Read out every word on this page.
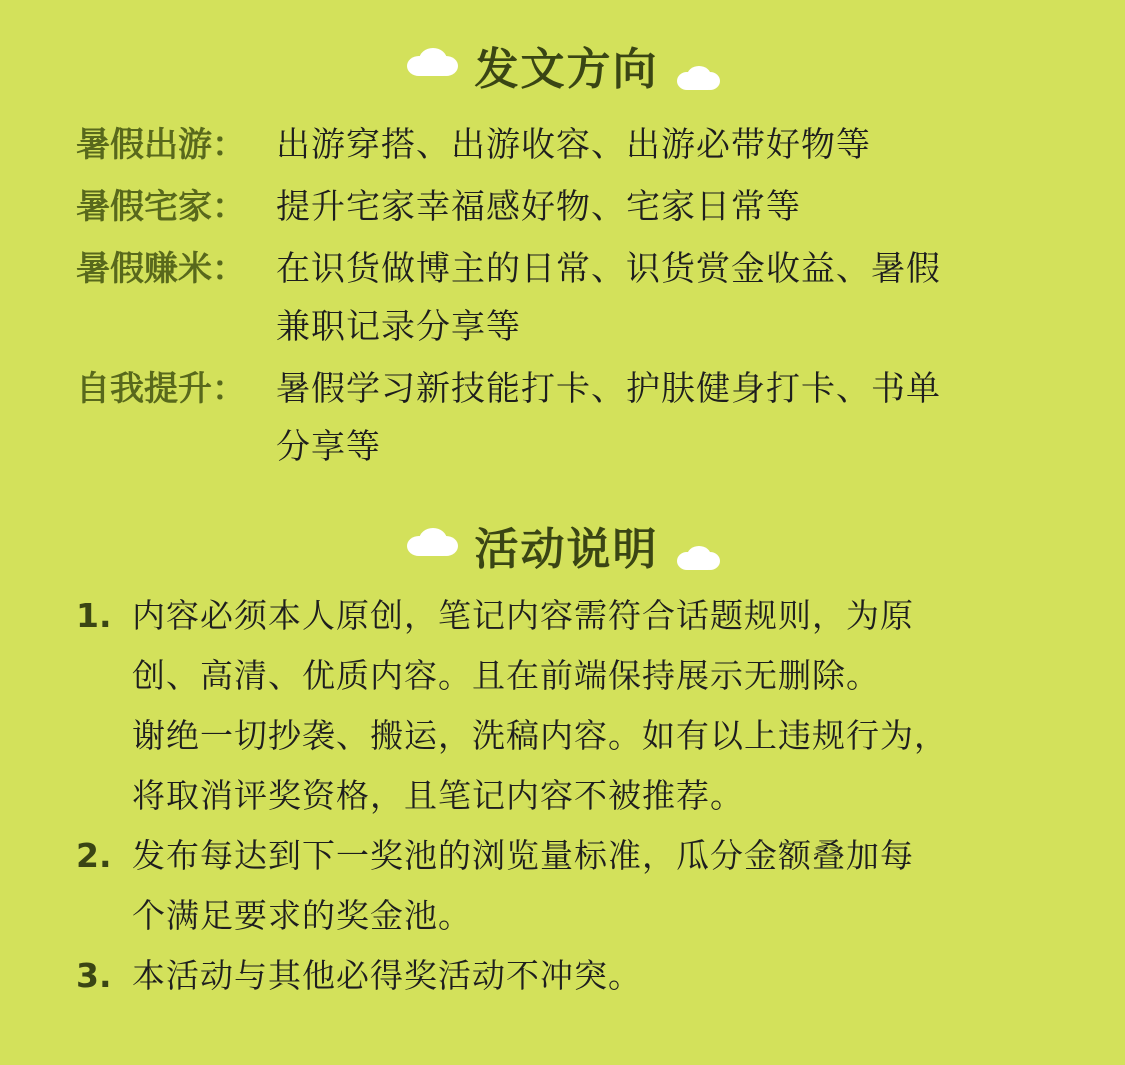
发文方向
暑假出游： 出游穿搭、出游收容、出游必带好物等
暑假宅家： 提升宅家幸福感好物、宅家日常等
暑假赚米： 在识货做博主的日常、识货赏金收益、暑假
兼职记录分享等
自我提升： 暑假学习新技能打卡、护肤健身打卡、书单
分享等
活动说明
1. 内容必须本人原创，笔记内容需符合话题规则，为原
创、高清、优质内容。且在前端保持展示无删除。
谢绝一切抄袭、搬运，洗稿内容。如有以上违规行为，
将取消评奖资格，且笔记内容不被推荐。
2. 发布每达到下一奖池的浏览量标准，瓜分金额叠加每
个满足要求的奖金池。
3. 本活动与其他必得奖活动不冲突。
